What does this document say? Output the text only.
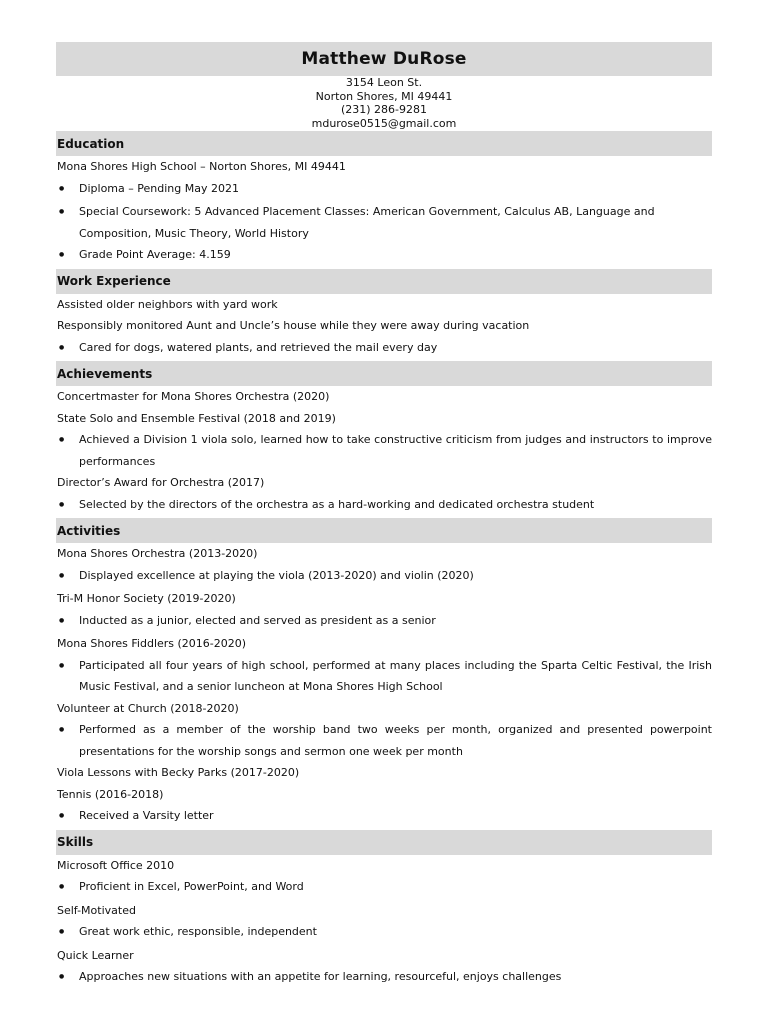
Matthew DuRose
3154 Leon St.
Norton Shores, MI 49441
(231) 286-9281
mdurose0515@gmail.com
Education
Mona Shores High School – Norton Shores, MI 49441
●
Diploma – Pending May 2021
●
Special Coursework: 5 Advanced Placement Classes: American Government, Calculus AB, Language and Composition, Music Theory, World History
●
Grade Point Average: 4.159
Work Experience
Assisted older neighbors with yard work
Responsibly monitored Aunt and Uncle’s house while they were away during vacation
●
Cared for dogs, watered plants, and retrieved the mail every day
Achievements
Concertmaster for Mona Shores Orchestra (2020)
State Solo and Ensemble Festival (2018 and 2019)
●
Achieved a Division 1 viola solo, learned how to take constructive criticism from judges and instructors to improve performances
Director’s Award for Orchestra (2017)
●
Selected by the directors of the orchestra as a hard-working and dedicated orchestra student
Activities
Mona Shores Orchestra (2013-2020)
●
Displayed excellence at playing the viola (2013-2020) and violin (2020)
Tri-M Honor Society (2019-2020)
●
Inducted as a junior, elected and served as president as a senior
Mona Shores Fiddlers (2016-2020)
●
Participated all four years of high school, performed at many places including the Sparta Celtic Festival, the Irish Music Festival, and a senior luncheon at Mona Shores High School
Volunteer at Church (2018-2020)
●
Performed as a member of the worship band two weeks per month, organized and presented powerpoint presentations for the worship songs and sermon one week per month
Viola Lessons with Becky Parks (2017-2020)
Tennis (2016-2018)
●
Received a Varsity letter
Skills
Microsoft Office 2010
●
Proficient in Excel, PowerPoint, and Word
Self-Motivated
●
Great work ethic, responsible, independent
Quick Learner
●
Approaches new situations with an appetite for learning, resourceful, enjoys challenges
